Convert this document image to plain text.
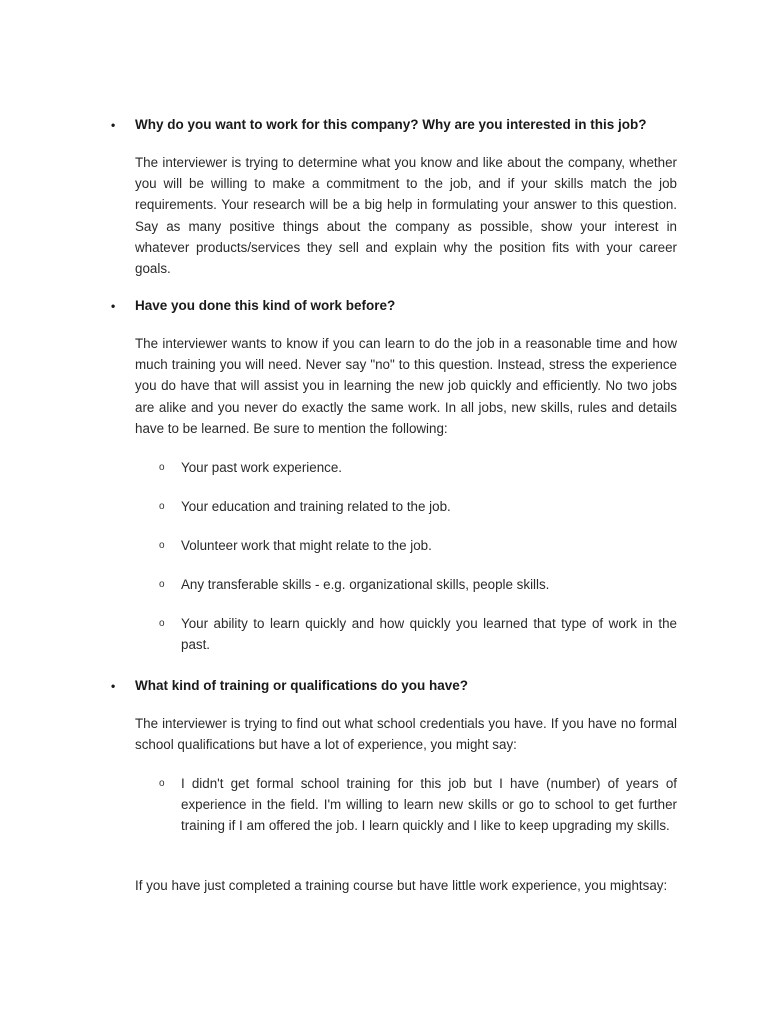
• Why do you want to work for this company? Why are you interested in this job?
The interviewer is trying to determine what you know and like about the company, whether you will be willing to make a commitment to the job, and if your skills match the job requirements. Your research will be a big help in formulating your answer to this question. Say as many positive things about the company as possible, show your interest in whatever products/services they sell and explain why the position fits with your career goals.
• Have you done this kind of work before?
The interviewer wants to know if you can learn to do the job in a reasonable time and how much training you will need. Never say "no" to this question. Instead, stress the experience you do have that will assist you in learning the new job quickly and efficiently. No two jobs are alike and you never do exactly the same work. In all jobs, new skills, rules and details have to be learned. Be sure to mention the following:
o Your past work experience.
o Your education and training related to the job.
o Volunteer work that might relate to the job.
o Any transferable skills - e.g. organizational skills, people skills.
o Your ability to learn quickly and how quickly you learned that type of work in the past.
• What kind of training or qualifications do you have?
The interviewer is trying to find out what school credentials you have. If you have no formal school qualifications but have a lot of experience, you might say:
o I didn't get formal school training for this job but I have (number) of years of experience in the field. I'm willing to learn new skills or go to school to get further training if I am offered the job. I learn quickly and I like to keep upgrading my skills.
If you have just completed a training course but have little work experience, you mightsay:
